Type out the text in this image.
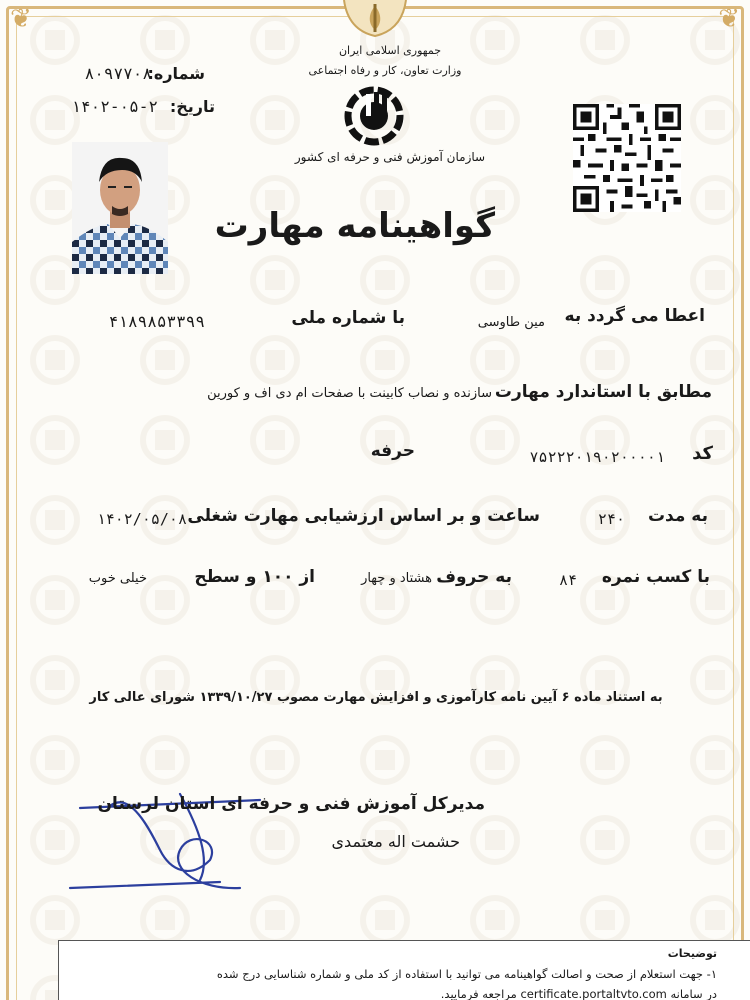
❦	❦
شماره:
۸۰۹۷۷۰۸
تاریخ:
۱۴۰۲-۰۵-۲
جمهوری اسلامی ایران
وزارت تعاون، کار و رفاه اجتماعی
سازمان آموزش فنی و حرفه ای کشور
گواهینامه مهارت
اعطا می گردد به
مین طاوسی
با شماره ملی
۴۱۸۹۸۵۳۳۹۹
مطابق با استاندارد مهارت
سازنده و نصاب کابینت با صفحات ام دی اف و کورین
کد
۷۵۲۲۲۰۱۹۰۲۰۰۰۰۱
حرفه
به مدت
۲۴۰
ساعت و بر اساس ارزشیابی مهارت شغلی
۱۴۰۲/۰۵/۰۸
با کسب نمره
۸۴
به حروف
هشتاد و چهار
از ۱۰۰ و سطح
خیلی خوب
به استناد ماده ۶ آیین نامه کارآموزی و افزایش مهارت مصوب ۱۳۳۹/۱۰/۲۷ شورای عالی کار
مدیرکل آموزش فنی و حرفه ای استان لرستان
حشمت اله معتمدی
توضیحات
۱- جهت استعلام از صحت و اصالت گواهینامه می توانید با استفاده از کد ملی و شماره شناسایی درج شده
در سامانه certificate.portaltvto.com مراجعه فرمایید.
